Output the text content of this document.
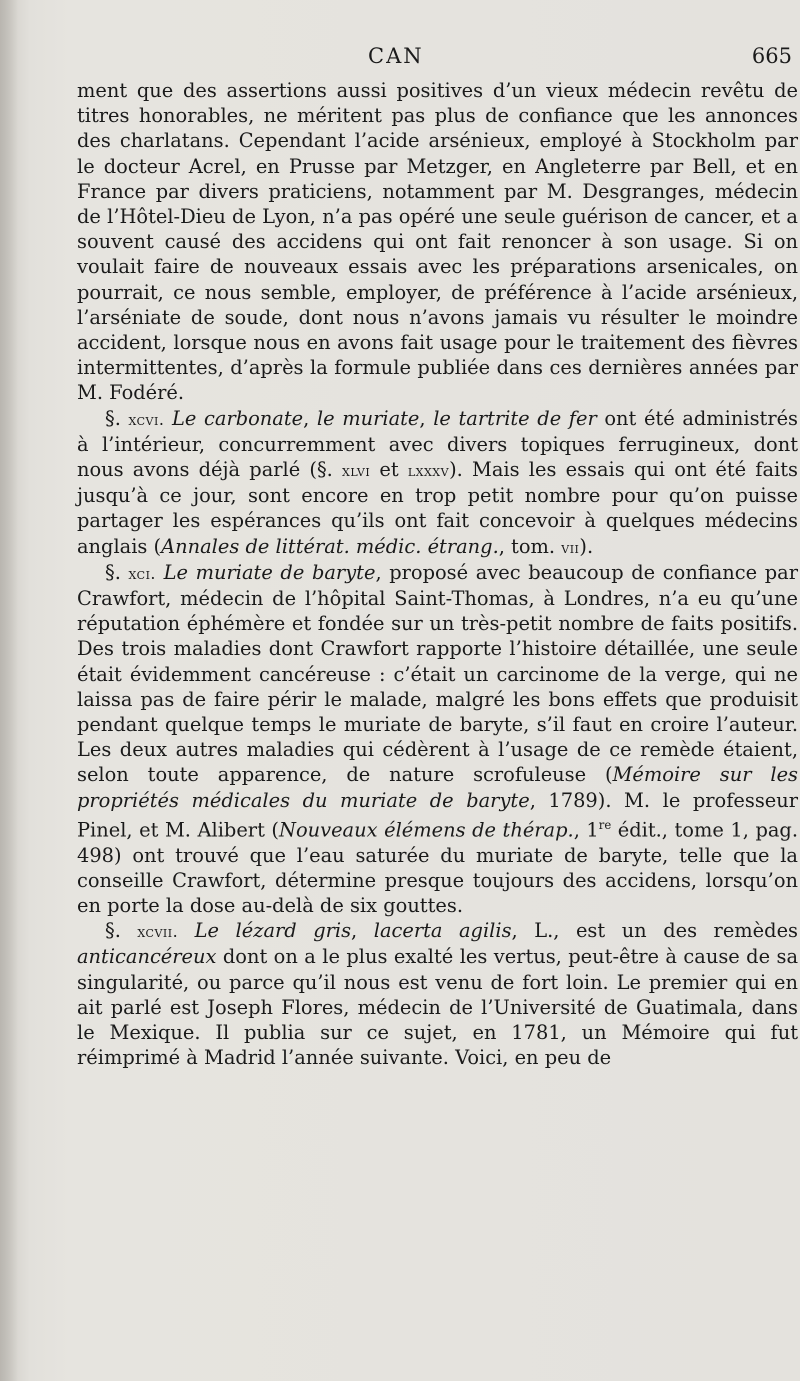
CAN	665

ment que des assertions aussi positives d’un vieux médecin revêtu de titres honorables, ne méritent pas plus de confiance que les annonces des charlatans. Cependant l’acide arsénieux, employé à Stockholm par le docteur Acrel, en Prusse par Metzger, en Angleterre par Bell, et en France par divers praticiens, notamment par M. Desgranges, médecin de l’Hôtel-Dieu de Lyon, n’a pas opéré une seule guérison de cancer, et a souvent causé des accidens qui ont fait renoncer à son usage. Si on voulait faire de nouveaux essais avec les préparations arsenicales, on pourrait, ce nous semble, employer, de préférence à l’acide arsénieux, l’arséniate de soude, dont nous n’avons jamais vu résulter le moindre accident, lorsque nous en avons fait usage pour le traitement des fièvres intermittentes, d’après la formule publiée dans ces dernières années par M. Fodéré.

§. xcvi. Le carbonate, le muriate, le tartrite de fer ont été administrés à l’intérieur, concurremment avec divers topiques ferrugineux, dont nous avons déjà parlé (§. xlvi et lxxxv). Mais les essais qui ont été faits jusqu’à ce jour, sont encore en trop petit nombre pour qu’on puisse partager les espérances qu’ils ont fait concevoir à quelques médecins anglais (Annales de littérat. médic. étrang., tom. vii).

§. xci. Le muriate de baryte, proposé avec beaucoup de confiance par Crawfort, médecin de l’hôpital Saint-Thomas, à Londres, n’a eu qu’une réputation éphémère et fondée sur un très-petit nombre de faits positifs. Des trois maladies dont Crawfort rapporte l’histoire détaillée, une seule était évidemment cancéreuse : c’était un carcinome de la verge, qui ne laissa pas de faire périr le malade, malgré les bons effets que produisit pendant quelque temps le muriate de baryte, s’il faut en croire l’auteur. Les deux autres maladies qui cédèrent à l’usage de ce remède étaient, selon toute apparence, de nature scrofuleuse (Mémoire sur les propriétés médicales du muriate de baryte, 1789). M. le professeur Pinel, et M. Alibert (Nouveaux élémens de thérap., 1re édit., tome 1, pag. 498) ont trouvé que l’eau saturée du muriate de baryte, telle que la conseille Crawfort, détermine presque toujours des accidens, lorsqu’on en porte la dose au-delà de six gouttes.

§. xcvii. Le lézard gris, lacerta agilis, L., est un des remèdes anticancéreux dont on a le plus exalté les vertus, peut-être à cause de sa singularité, ou parce qu’il nous est venu de fort loin. Le premier qui en ait parlé est Joseph Flores, médecin de l’Université de Guatimala, dans le Mexique. Il publia sur ce sujet, en 1781, un Mémoire qui fut réimprimé à Madrid l’année suivante. Voici, en peu de
